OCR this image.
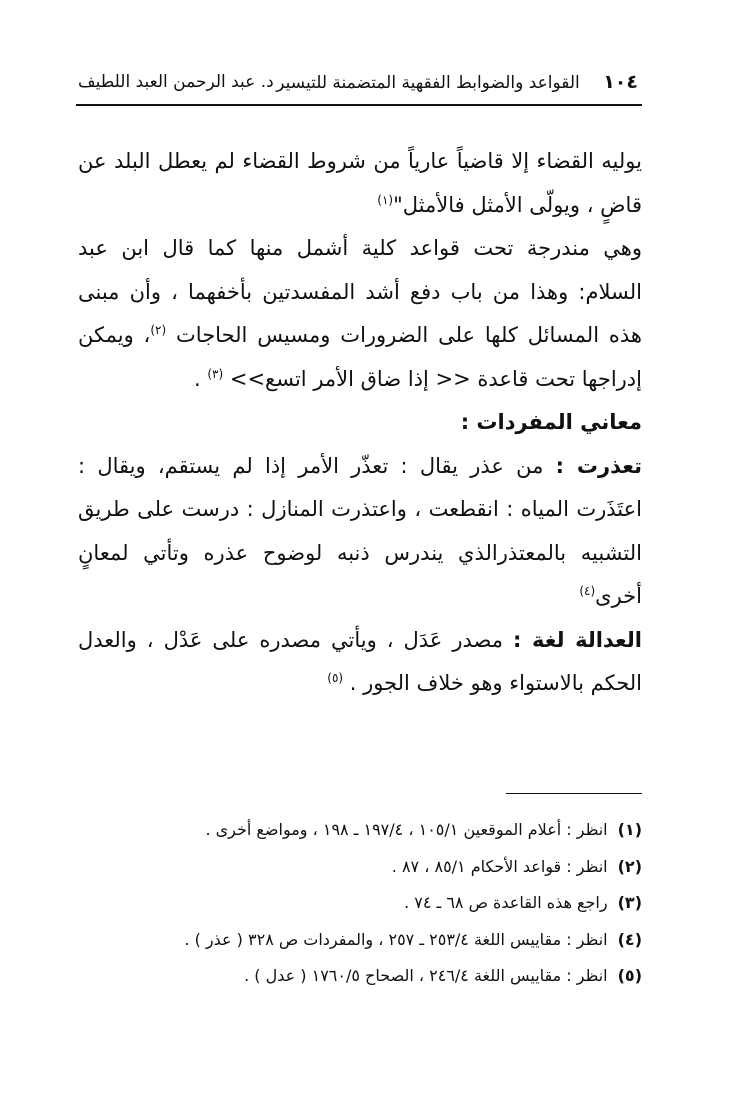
١٠٤ القواعد والضوابط الفقهية المتضمنة للتيسير
د. عبد الرحمن العبد اللطيف

يوليه القضاء إلا قاضياً عارياً من شروط القضاء لم يعطل البلد عن قاضٍ ، ويولّى الأمثل فالأمثل"$^{(١)}$

وهي مندرجة تحت قواعد كلية أشمل منها كما قال ابن عبد السلام: وهذا من باب دفع أشد المفسدتين بأخفهما ، وأن مبنى هذه المسائل كلها على الضرورات ومسيس الحاجات $^{(٢)}$، ويمكن إدراجها تحت قاعدة << إذا ضاق الأمر اتسع>> $^{(٣)}$ .

معاني المفردات :

تعذرت : من عذر يقال : تعذّر الأمر إذا لم يستقم، ويقال : اعتَذَرت المياه : انقطعت ، واعتذرت المنازل : درست على طريق التشبيه بالمعتذرالذي يندرس ذنبه لوضوح عذره وتأتي لمعانٍ أخرى$^{(٤)}$

العدالة لغة : مصدر عَدَل ، ويأتي مصدره على عَدْل ، والعدل الحكم بالاستواء وهو خلاف الجور . $^{(٥)}$

(١)
انظر : أعلام الموقعين ١٠٥/١ ، ١٩٧/٤ ـ ١٩٨ ، ومواضع أخرى .
(٢)
انظر : قواعد الأحكام ٨٥/١ ، ٨٧ .
(٣)
راجع هذه القاعدة ص ٦٨ ـ ٧٤ .
(٤)
انظر : مقاييس اللغة ٢٥٣/٤ ـ ٢٥٧ ، والمفردات ص ٣٢٨ ( عذر ) .
(٥)
انظر : مقاييس اللغة ٢٤٦/٤ ، الصحاح ١٧٦٠/٥ ( عدل ) .
